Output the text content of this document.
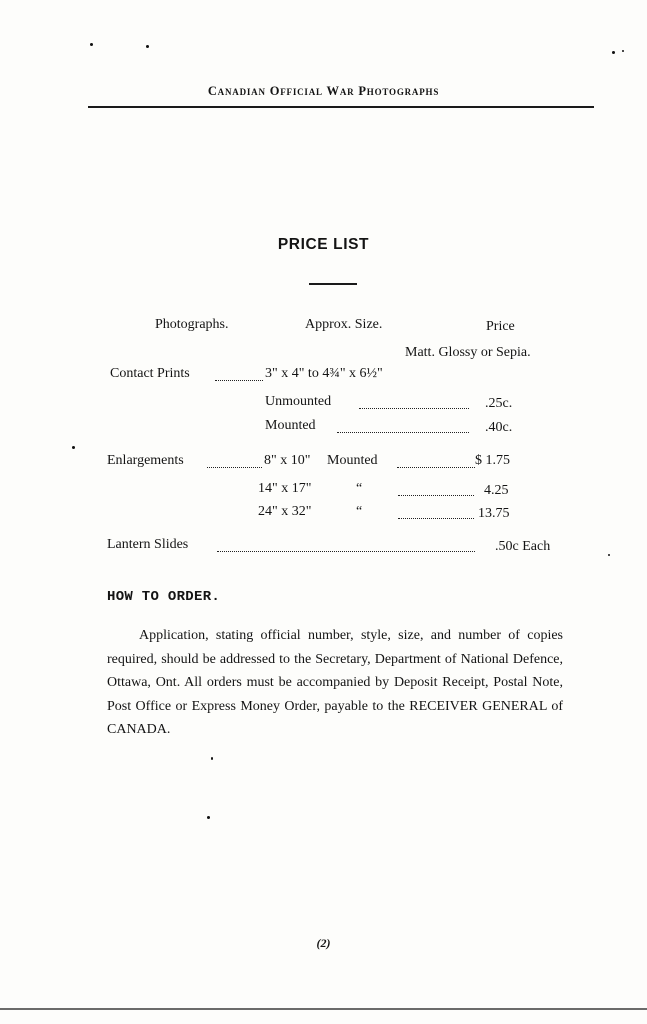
Canadian Official War Photographs
PRICE LIST
Photographs.	Approx. Size.	Price
Matt. Glossy or Sepia.
Contact Prints	3" x 4" to 4¾" x 6½"
Unmounted	.25c.
Mounted	.40c.
Enlargements	8" x 10" Mounted	$ 1.75
14" x 17"	“	4.25
24" x 32"	“	13.75
Lantern Slides	.50c Each
HOW TO ORDER.
Application, stating official number, style, size, and number of copies required, should be addressed to the Secretary, Department of National Defence, Ottawa, Ont. All orders must be accompanied by Deposit Receipt, Postal Note, Post Office or Express Money Order, payable to the RECEIVER GENERAL of CANADA.
(2)
